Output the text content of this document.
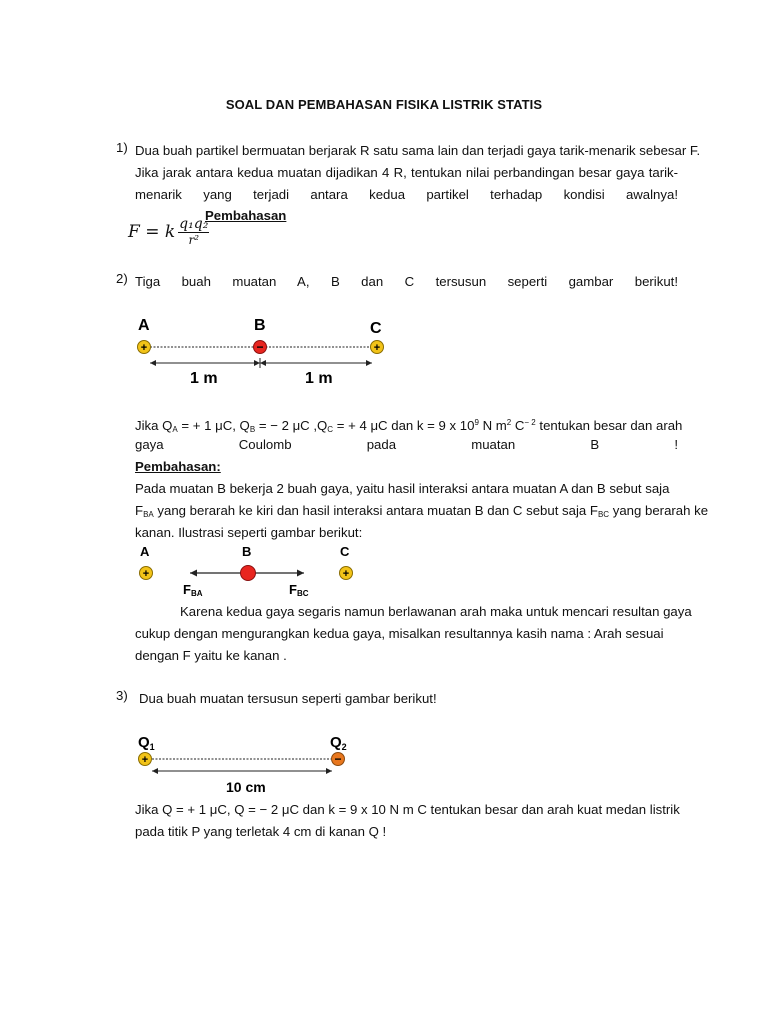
SOAL DAN PEMBAHASAN FISIKA LISTRIK STATIS
1) Dua buah partikel bermuatan berjarak R satu sama lain dan terjadi gaya tarik-menarik sebesar F.
Jika jarak antara kedua muatan dijadikan 4 R, tentukan nilai perbandingan besar gaya tarik-
menarik yang terjadi antara kedua partikel terhadap kondisi awalnya!
F = k $\frac{\text{q₁q₂}}{\text{r²}}$
Pembahasan
2) Tiga buah muatan A, B dan C tersusun seperti gambar berikut!
A	B	C
+	−	+
1 m	1 m
Jika $Q_A$ = + 1 μC, $Q_B$ = − 2 μC $,Q_C$ = + 4 μC dan k = 9 x $10^9$ N $m^2$ $C^{- 2}$ tentukan besar dan arah
gaya Coulomb pada muatan B !
Pembahasan:
Pada muatan B bekerja 2 buah gaya, yaitu hasil interaksi antara muatan A dan B sebut saja
$F_{BA}$ yang berarah ke kiri dan hasil interaksi antara muatan B dan C sebut saja $F_{BC}$ yang berarah ke
kanan. Ilustrasi seperti gambar berikut:
A	B	C
+	+
FBA	FBC
Karena kedua gaya segaris namun berlawanan arah maka untuk mencari resultan gaya
cukup dengan mengurangkan kedua gaya, misalkan resultannya kasih nama : Arah sesuai
dengan F yaitu ke kanan .
3) Dua buah muatan tersusun seperti gambar berikut!
$Q_1$	$Q_2$
+	−
10 cm
Jika Q = + 1 μC, Q = − 2 μC dan k = 9 x 10 N m C tentukan besar dan arah kuat medan listrik
pada titik P yang terletak 4 cm di kanan Q !
